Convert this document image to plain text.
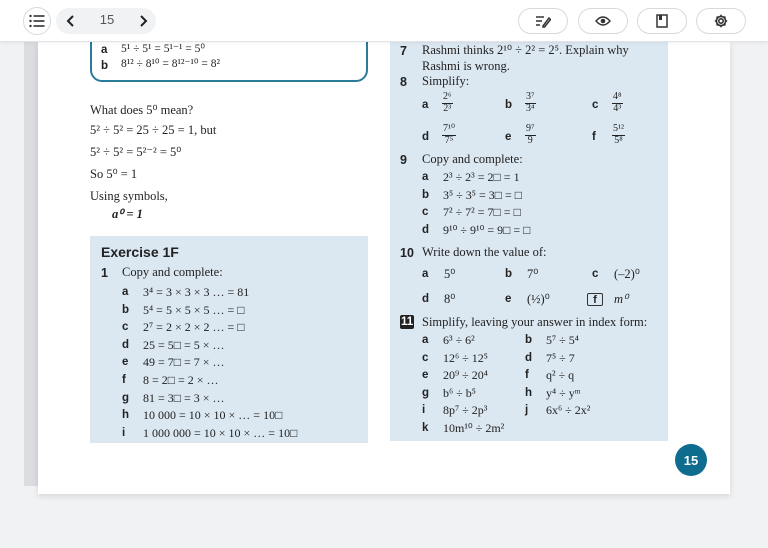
15
a 5¹ ÷ 5¹ = 5¹⁻¹ = 5⁰
b 8¹² ÷ 8¹⁰ = 8¹²⁻¹⁰ = 8²
What does 5⁰ mean?
5² ÷ 5² = 25 ÷ 25 = 1, but
5² ÷ 5² = 5²⁻² = 5⁰
So 5⁰ = 1
Using symbols,
a⁰ = 1
Exercise 1F
1 Copy and complete:
a 3⁴ = 3 × 3 × 3 … = 81
b 5⁴ = 5 × 5 × 5 … = □
c 2⁷ = 2 × 2 × 2 … = □
d 25 = 5□ = 5 × …
e 49 = 7□ = 7 × …
f 8 = 2□ = 2 × …
g 81 = 3□ = 3 × …
h 10 000 = 10 × 10 × … = 10□
i 1 000 000 = 10 × 10 × … = 10□
7 Rashmi thinks 2¹⁰ ÷ 2² = 2⁵. Explain why
Rashmi is wrong.
8 Simplify:
a $\frac{\text{2⁶}}{\text{2³}}$	b $\frac{\text{3⁷}}{\text{3⁴}}$	c $\frac{\text{4⁸}}{\text{4³}}$
d $\frac{\text{7¹⁰}}{\text{7⁵}}$	e $\frac{\text{9⁷}}{9}$	f $\frac{\text{5¹²}}{\text{5⁸}}$
9 Copy and complete:
a 2³ ÷ 2³ = 2□ = 1
b 3⁵ ÷ 3⁵ = 3□ = □
c 7² ÷ 7² = 7□ = □
d 9¹⁰ ÷ 9¹⁰ = 9□ = □
10 Write down the value of:
a 5⁰	b 7⁰	c (–2)⁰
d 8⁰	e (½)⁰	f	m⁰
11 Simplify, leaving your answer in index form:
a 6³ ÷ 6²	b 5⁷ ÷ 5⁴
c 12⁶ ÷ 12⁵	d 7⁵ ÷ 7
e 20⁹ ÷ 20⁴	f q² ÷ q
g b⁶ ÷ b⁵	h y⁴ ÷ yᵐ
i 8p⁷ ÷ 2p³	j 6x⁶ ÷ 2x²
k 10m¹⁰ ÷ 2m²
15
